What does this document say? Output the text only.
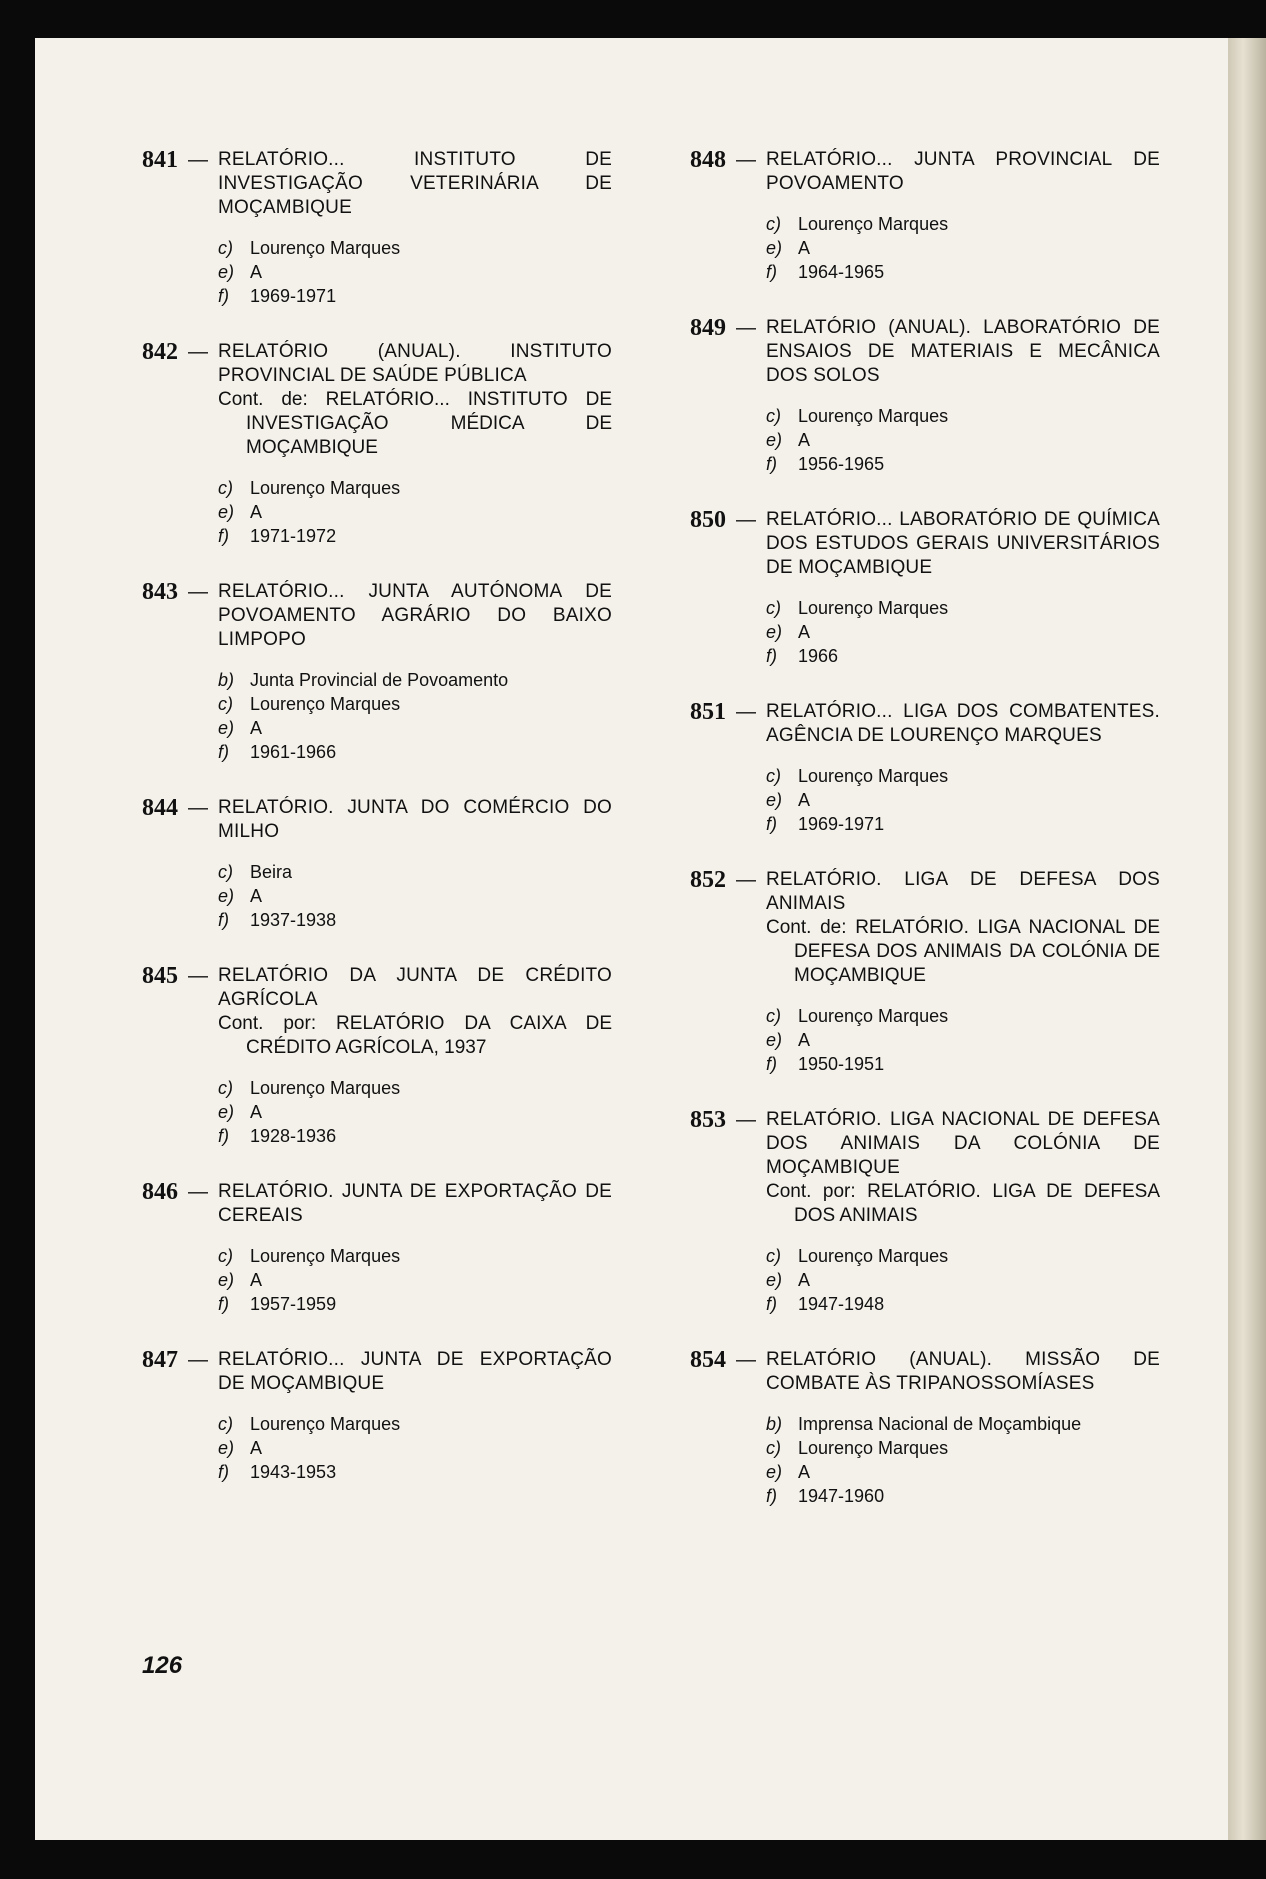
841 — RELATÓRIO... INSTITUTO DE INVESTIGAÇÃO VETERINÁRIA DE MOÇAMBIQUE
c) Lourenço Marques
e) A
f) 1969-1971
842 — RELATÓRIO (ANUAL). INSTITUTO PROVINCIAL DE SAÚDE PÚBLICA
Cont. de: RELATÓRIO... INSTITUTO DE INVESTIGAÇÃO MÉDICA DE MOÇAMBIQUE
c) Lourenço Marques
e) A
f) 1971-1972
843 — RELATÓRIO... JUNTA AUTÓNOMA DE POVOAMENTO AGRÁRIO DO BAIXO LIMPOPO
b) Junta Provincial de Povoamento
c) Lourenço Marques
e) A
f) 1961-1966
844 — RELATÓRIO. JUNTA DO COMÉRCIO DO MILHO
c) Beira
e) A
f) 1937-1938
845 — RELATÓRIO DA JUNTA DE CRÉDITO AGRÍCOLA
Cont. por: RELATÓRIO DA CAIXA DE CRÉDITO AGRÍCOLA, 1937
c) Lourenço Marques
e) A
f) 1928-1936
846 — RELATÓRIO. JUNTA DE EXPORTAÇÃO DE CEREAIS
c) Lourenço Marques
e) A
f) 1957-1959
847 — RELATÓRIO... JUNTA DE EXPORTAÇÃO DE MOÇAMBIQUE
c) Lourenço Marques
e) A
f) 1943-1953
848 — RELATÓRIO... JUNTA PROVINCIAL DE POVOAMENTO
c) Lourenço Marques
e) A
f) 1964-1965
849 — RELATÓRIO (ANUAL). LABORATÓRIO DE ENSAIOS DE MATERIAIS E MECÂNICA DOS SOLOS
c) Lourenço Marques
e) A
f) 1956-1965
850 — RELATÓRIO... LABORATÓRIO DE QUÍMICA DOS ESTUDOS GERAIS UNIVERSITÁRIOS DE MOÇAMBIQUE
c) Lourenço Marques
e) A
f) 1966
851 — RELATÓRIO... LIGA DOS COMBATENTES. AGÊNCIA DE LOURENÇO MARQUES
c) Lourenço Marques
e) A
f) 1969-1971
852 — RELATÓRIO. LIGA DE DEFESA DOS ANIMAIS
Cont. de: RELATÓRIO. LIGA NACIONAL DE DEFESA DOS ANIMAIS DA COLÓNIA DE MOÇAMBIQUE
c) Lourenço Marques
e) A
f) 1950-1951
853 — RELATÓRIO. LIGA NACIONAL DE DEFESA DOS ANIMAIS DA COLÓNIA DE MOÇAMBIQUE
Cont. por: RELATÓRIO. LIGA DE DEFESA DOS ANIMAIS
c) Lourenço Marques
e) A
f) 1947-1948
854 — RELATÓRIO (ANUAL). MISSÃO DE COMBATE ÀS TRIPANOSSOMÍASES
b) Imprensa Nacional de Moçambique
c) Lourenço Marques
e) A
f) 1947-1960
126
